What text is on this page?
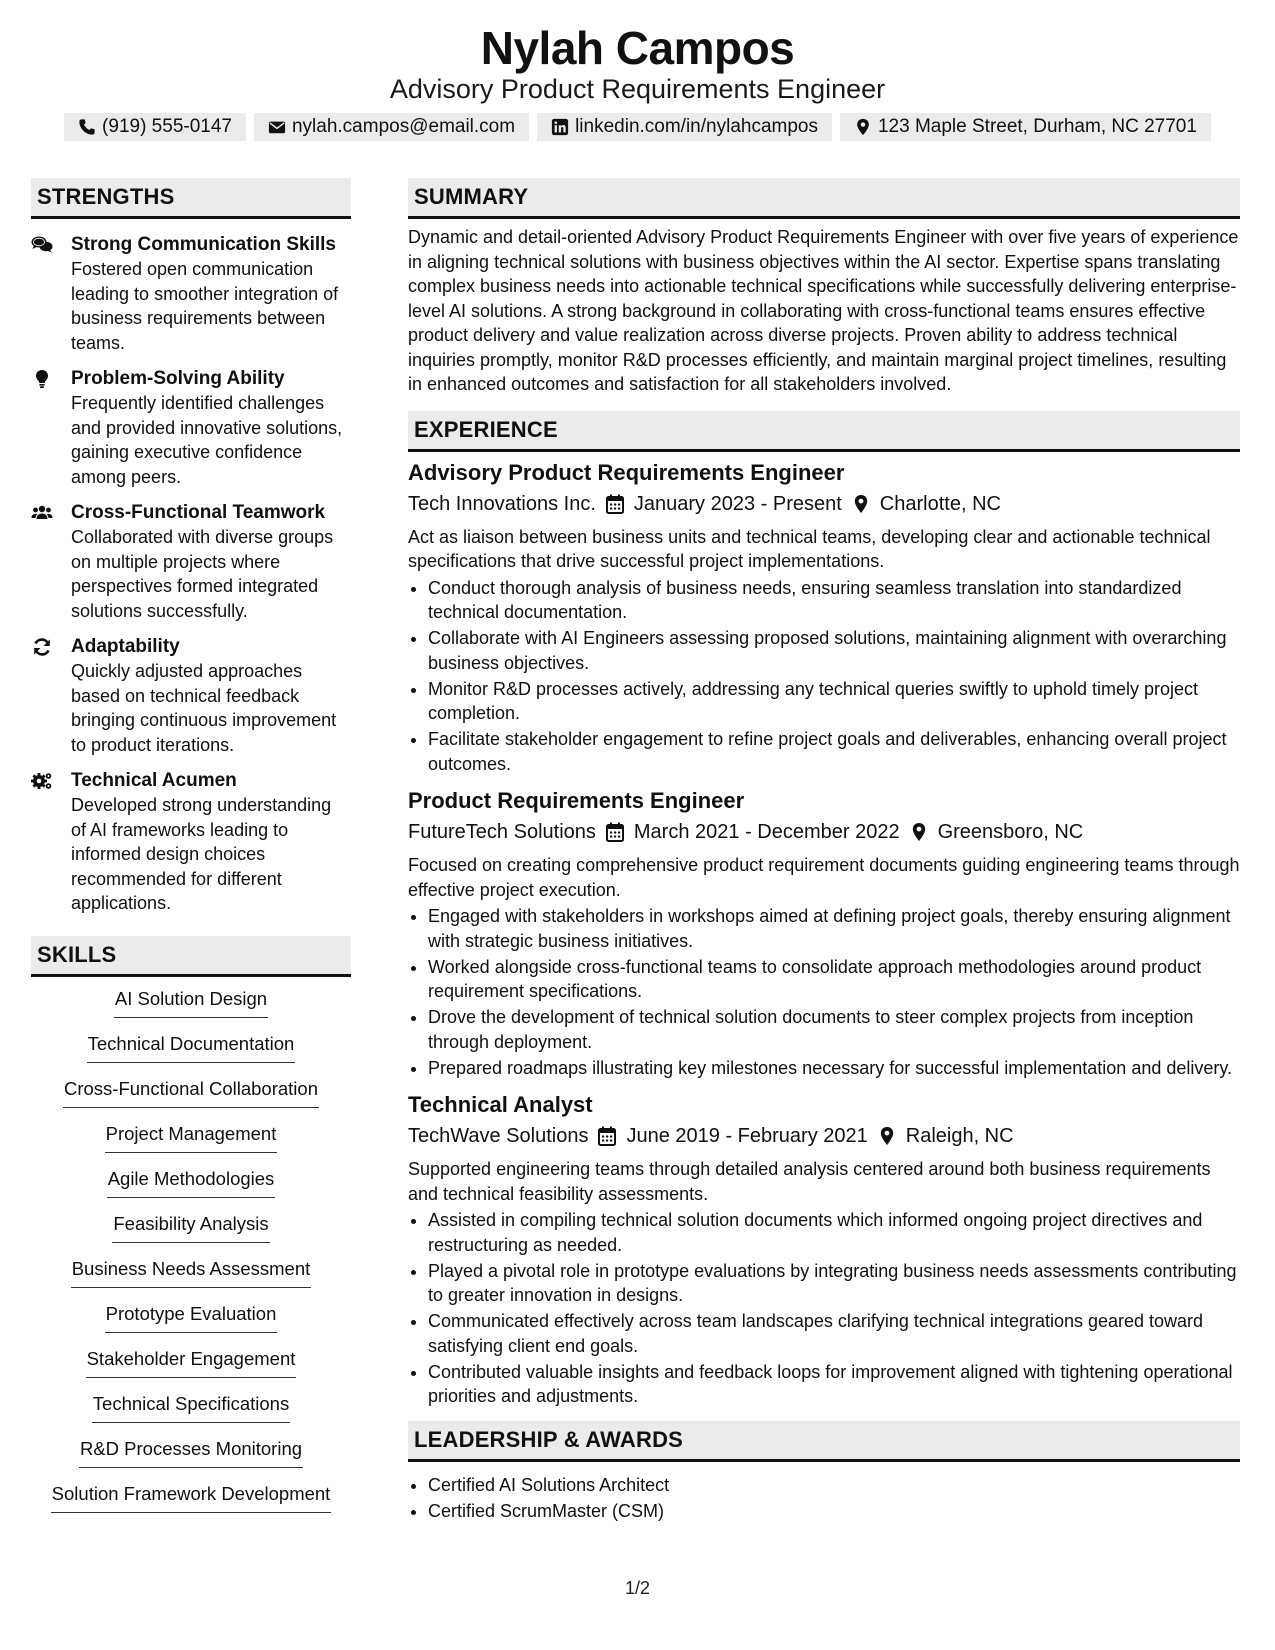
Nylah Campos
Advisory Product Requirements Engineer
(919) 555-0147	nylah.campos@email.com	linkedin.com/in/nylahcampos	123 Maple Street, Durham, NC 27701
STRENGTHS
Strong Communication Skills
Fostered open communication leading to smoother integration of business requirements between teams.
Problem-Solving Ability
Frequently identified challenges and provided innovative solutions, gaining executive confidence among peers.
Cross-Functional Teamwork
Collaborated with diverse groups on multiple projects where perspectives formed integrated solutions successfully.
Adaptability
Quickly adjusted approaches based on technical feedback bringing continuous improvement to product iterations.
Technical Acumen
Developed strong understanding of AI frameworks leading to informed design choices recommended for different applications.
SKILLS
AI Solution Design
Technical Documentation
Cross-Functional Collaboration
Project Management
Agile Methodologies
Feasibility Analysis
Business Needs Assessment
Prototype Evaluation
Stakeholder Engagement
Technical Specifications
R&D Processes Monitoring
Solution Framework Development
SUMMARY
Dynamic and detail-oriented Advisory Product Requirements Engineer with over five years of experience in aligning technical solutions with business objectives within the AI sector. Expertise spans translating complex business needs into actionable technical specifications while successfully delivering enterprise-level AI solutions. A strong background in collaborating with cross-functional teams ensures effective product delivery and value realization across diverse projects. Proven ability to address technical inquiries promptly, monitor R&D processes efficiently, and maintain marginal project timelines, resulting in enhanced outcomes and satisfaction for all stakeholders involved.
EXPERIENCE
Advisory Product Requirements Engineer
Tech Innovations Inc. January 2023 - Present Charlotte, NC
Act as liaison between business units and technical teams, developing clear and actionable technical specifications that drive successful project implementations.
• Conduct thorough analysis of business needs, ensuring seamless translation into standardized technical documentation.
• Collaborate with AI Engineers assessing proposed solutions, maintaining alignment with overarching business objectives.
• Monitor R&D processes actively, addressing any technical queries swiftly to uphold timely project completion.
• Facilitate stakeholder engagement to refine project goals and deliverables, enhancing overall project outcomes.
Product Requirements Engineer
FutureTech Solutions March 2021 - December 2022 Greensboro, NC
Focused on creating comprehensive product requirement documents guiding engineering teams through effective project execution.
• Engaged with stakeholders in workshops aimed at defining project goals, thereby ensuring alignment with strategic business initiatives.
• Worked alongside cross-functional teams to consolidate approach methodologies around product requirement specifications.
• Drove the development of technical solution documents to steer complex projects from inception through deployment.
• Prepared roadmaps illustrating key milestones necessary for successful implementation and delivery.
Technical Analyst
TechWave Solutions June 2019 - February 2021 Raleigh, NC
Supported engineering teams through detailed analysis centered around both business requirements and technical feasibility assessments.
• Assisted in compiling technical solution documents which informed ongoing project directives and restructuring as needed.
• Played a pivotal role in prototype evaluations by integrating business needs assessments contributing to greater innovation in designs.
• Communicated effectively across team landscapes clarifying technical integrations geared toward satisfying client end goals.
• Contributed valuable insights and feedback loops for improvement aligned with tightening operational priorities and adjustments.
LEADERSHIP & AWARDS
• Certified AI Solutions Architect
• Certified ScrumMaster (CSM)
1/2
